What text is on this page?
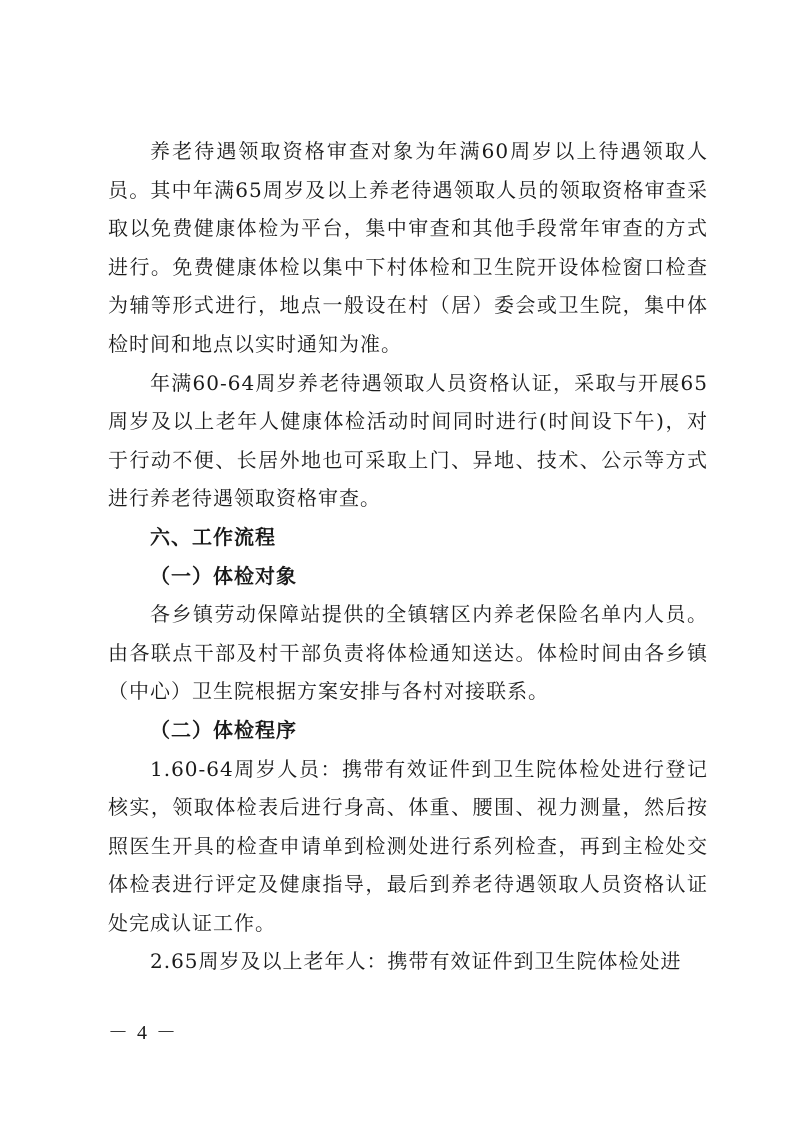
养老待遇领取资格审查对象为年满60周岁以上待遇领取人员。其中年满65周岁及以上养老待遇领取人员的领取资格审查采取以免费健康体检为平台，集中审查和其他手段常年审查的方式进行。免费健康体检以集中下村体检和卫生院开设体检窗口检查为辅等形式进行，地点一般设在村（居）委会或卫生院，集中体检时间和地点以实时通知为准。

年满60-64周岁养老待遇领取人员资格认证，采取与开展65周岁及以上老年人健康体检活动时间同时进行(时间设下午)，对于行动不便、长居外地也可采取上门、异地、技术、公示等方式进行养老待遇领取资格审查。

六、工作流程

（一）体检对象

各乡镇劳动保障站提供的全镇辖区内养老保险名单内人员。由各联点干部及村干部负责将体检通知送达。体检时间由各乡镇（中心）卫生院根据方案安排与各村对接联系。

（二）体检程序

1.60-64周岁人员：携带有效证件到卫生院体检处进行登记核实，领取体检表后进行身高、体重、腰围、视力测量，然后按照医生开具的检查申请单到检测处进行系列检查，再到主检处交体检表进行评定及健康指导，最后到养老待遇领取人员资格认证处完成认证工作。

2.65周岁及以上老年人：携带有效证件到卫生院体检处进

－ 4 －
